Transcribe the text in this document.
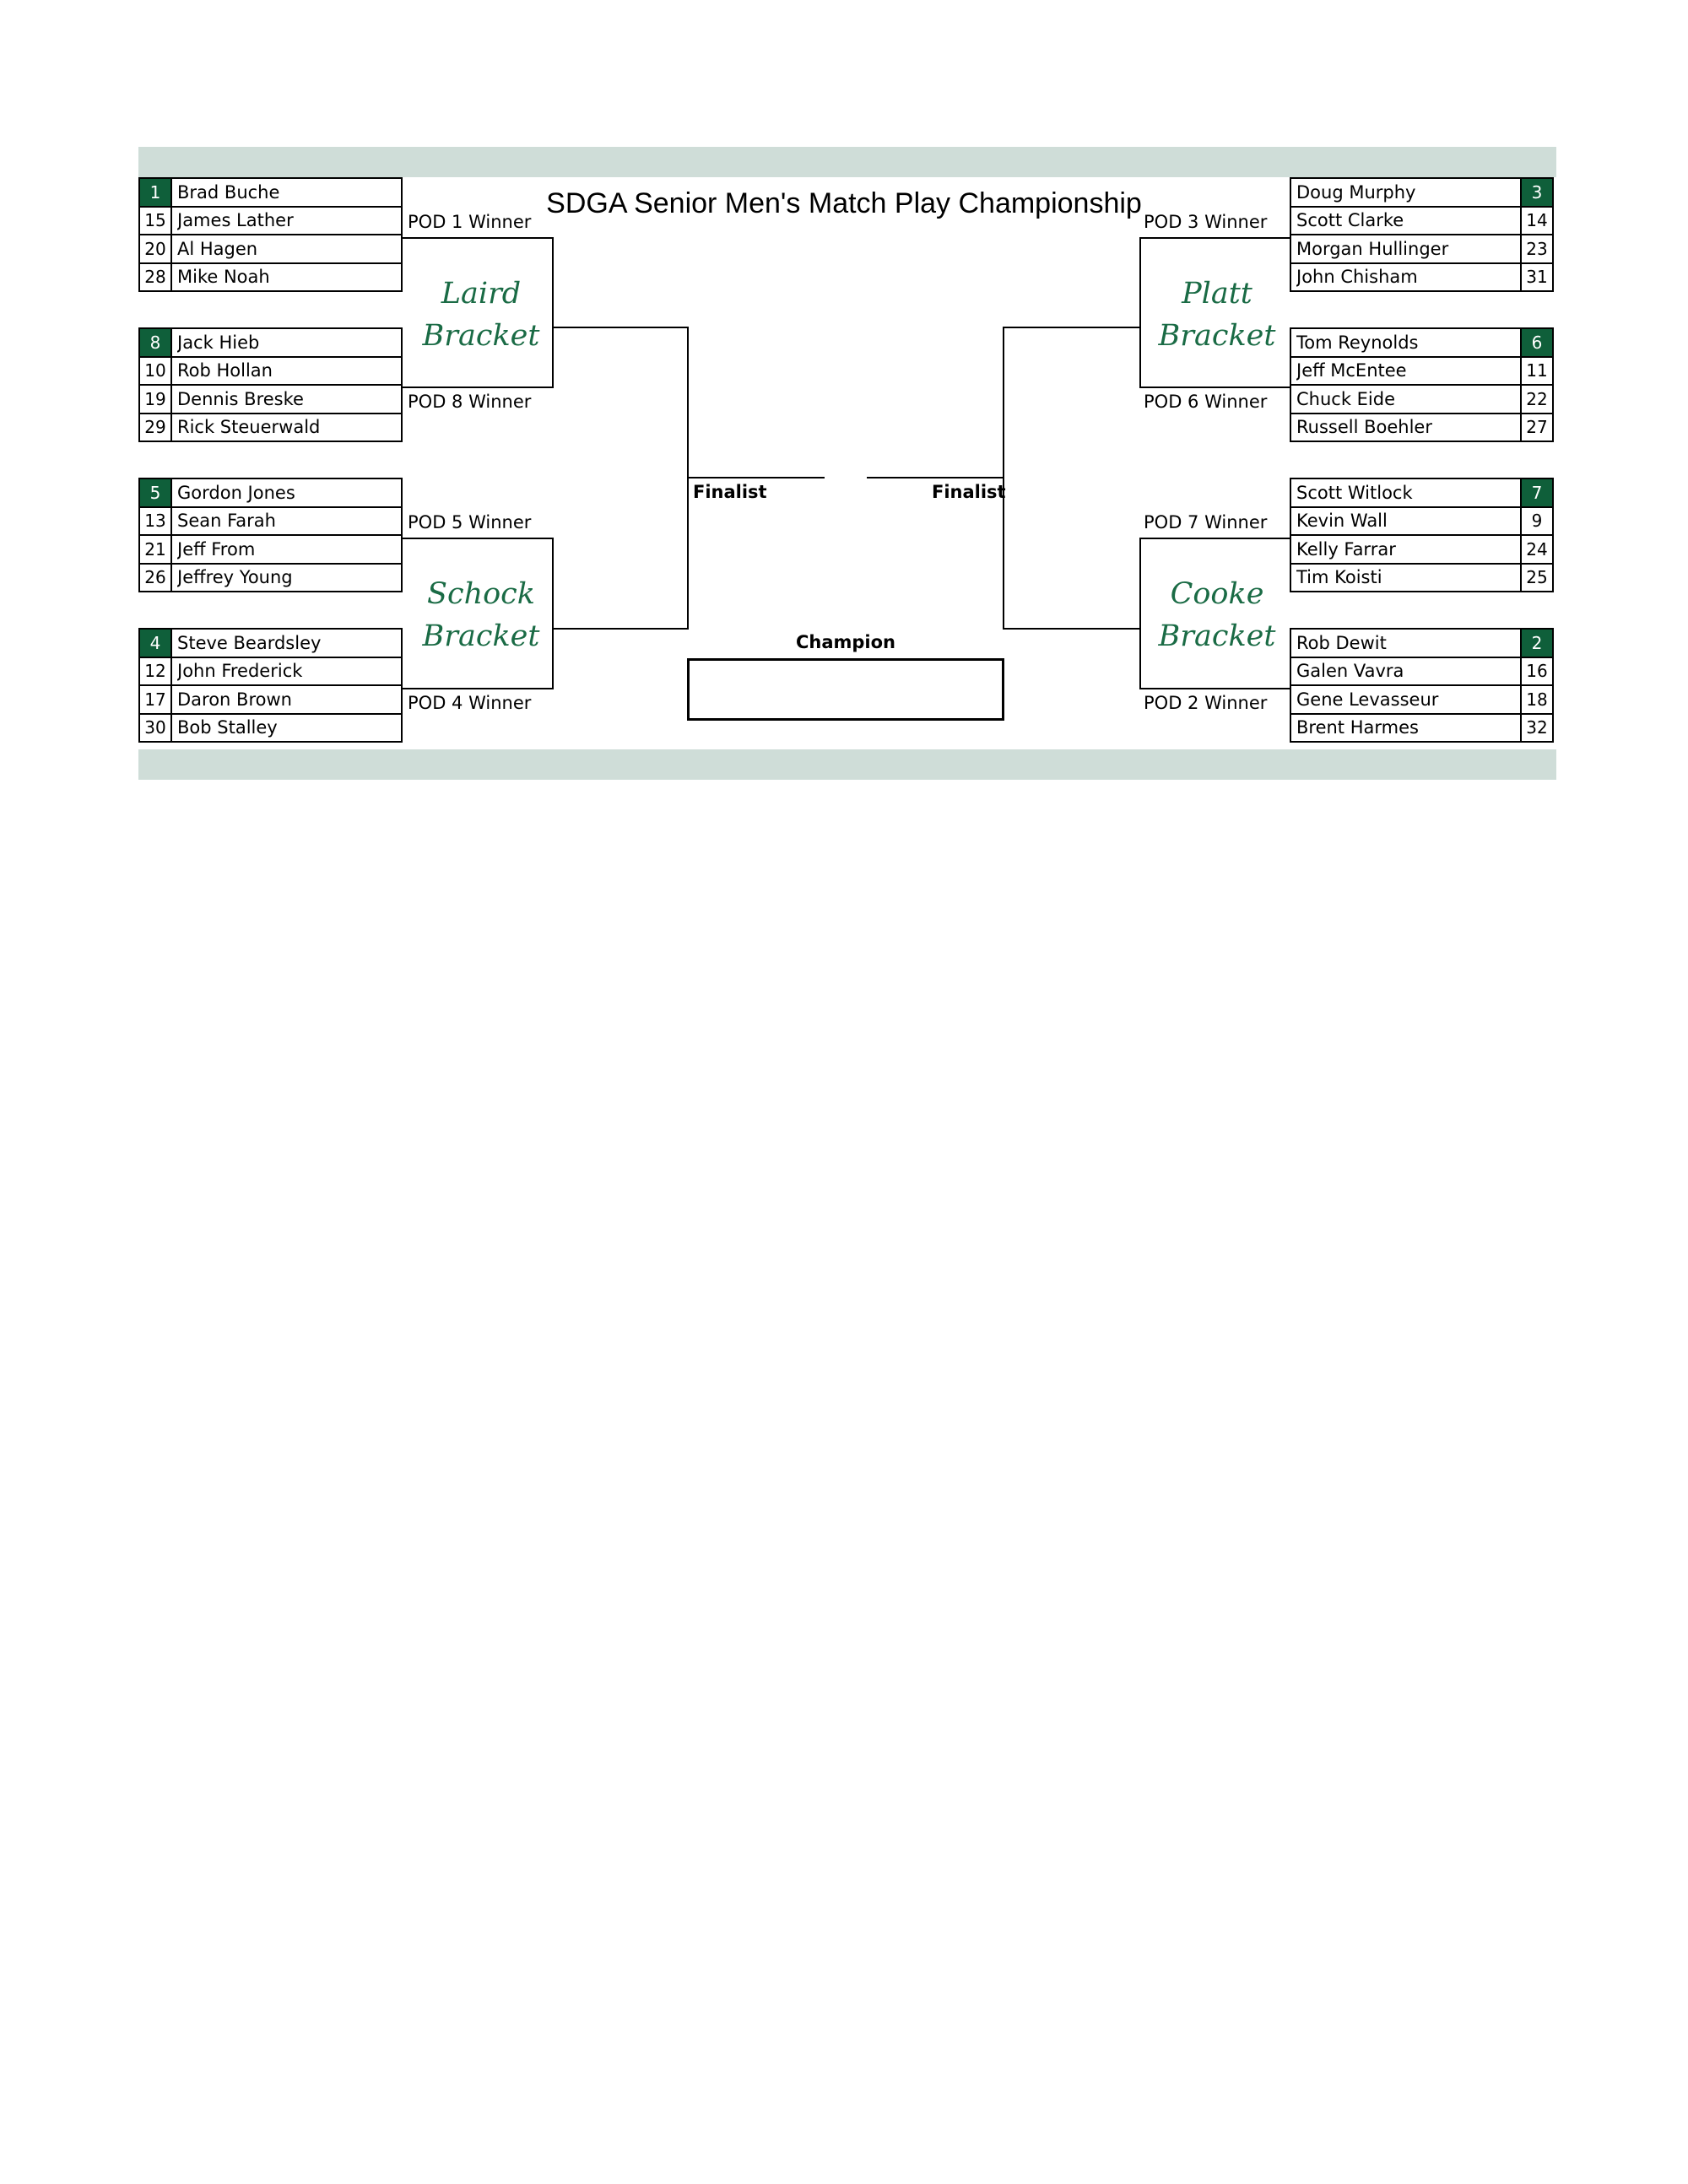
SDGA Senior Men's Match Play Championship
1 Brad Buche
15 James Lather
20 Al Hagen
28 Mike Noah
8 Jack Hieb
10 Rob Hollan
19 Dennis Breske
29 Rick Steuerwald
5 Gordon Jones
13 Sean Farah
21 Jeff From
26 Jeffrey Young
4 Steve Beardsley
12 John Frederick
17 Daron Brown
30 Bob Stalley
3
Doug Murphy
14
Scott Clarke
23
Morgan Hullinger
31
John Chisham
6
Tom Reynolds
11
Jeff McEntee
22
Chuck Eide
27
Russell Boehler
7
Scott Witlock
9
Kevin Wall
24
Kelly Farrar
25
Tim Koisti
2
Rob Dewit
16
Galen Vavra
18
Gene Levasseur
32
Brent Harmes
POD 1 Winner
POD 8 Winner
POD 5 Winner
POD 4 Winner
POD 3 Winner
POD 6 Winner
POD 7 Winner
POD 2 Winner
Laird
Bracket
Schock
Bracket
Platt
Bracket
Cooke
Bracket
Finalist	Finalist
Champion
